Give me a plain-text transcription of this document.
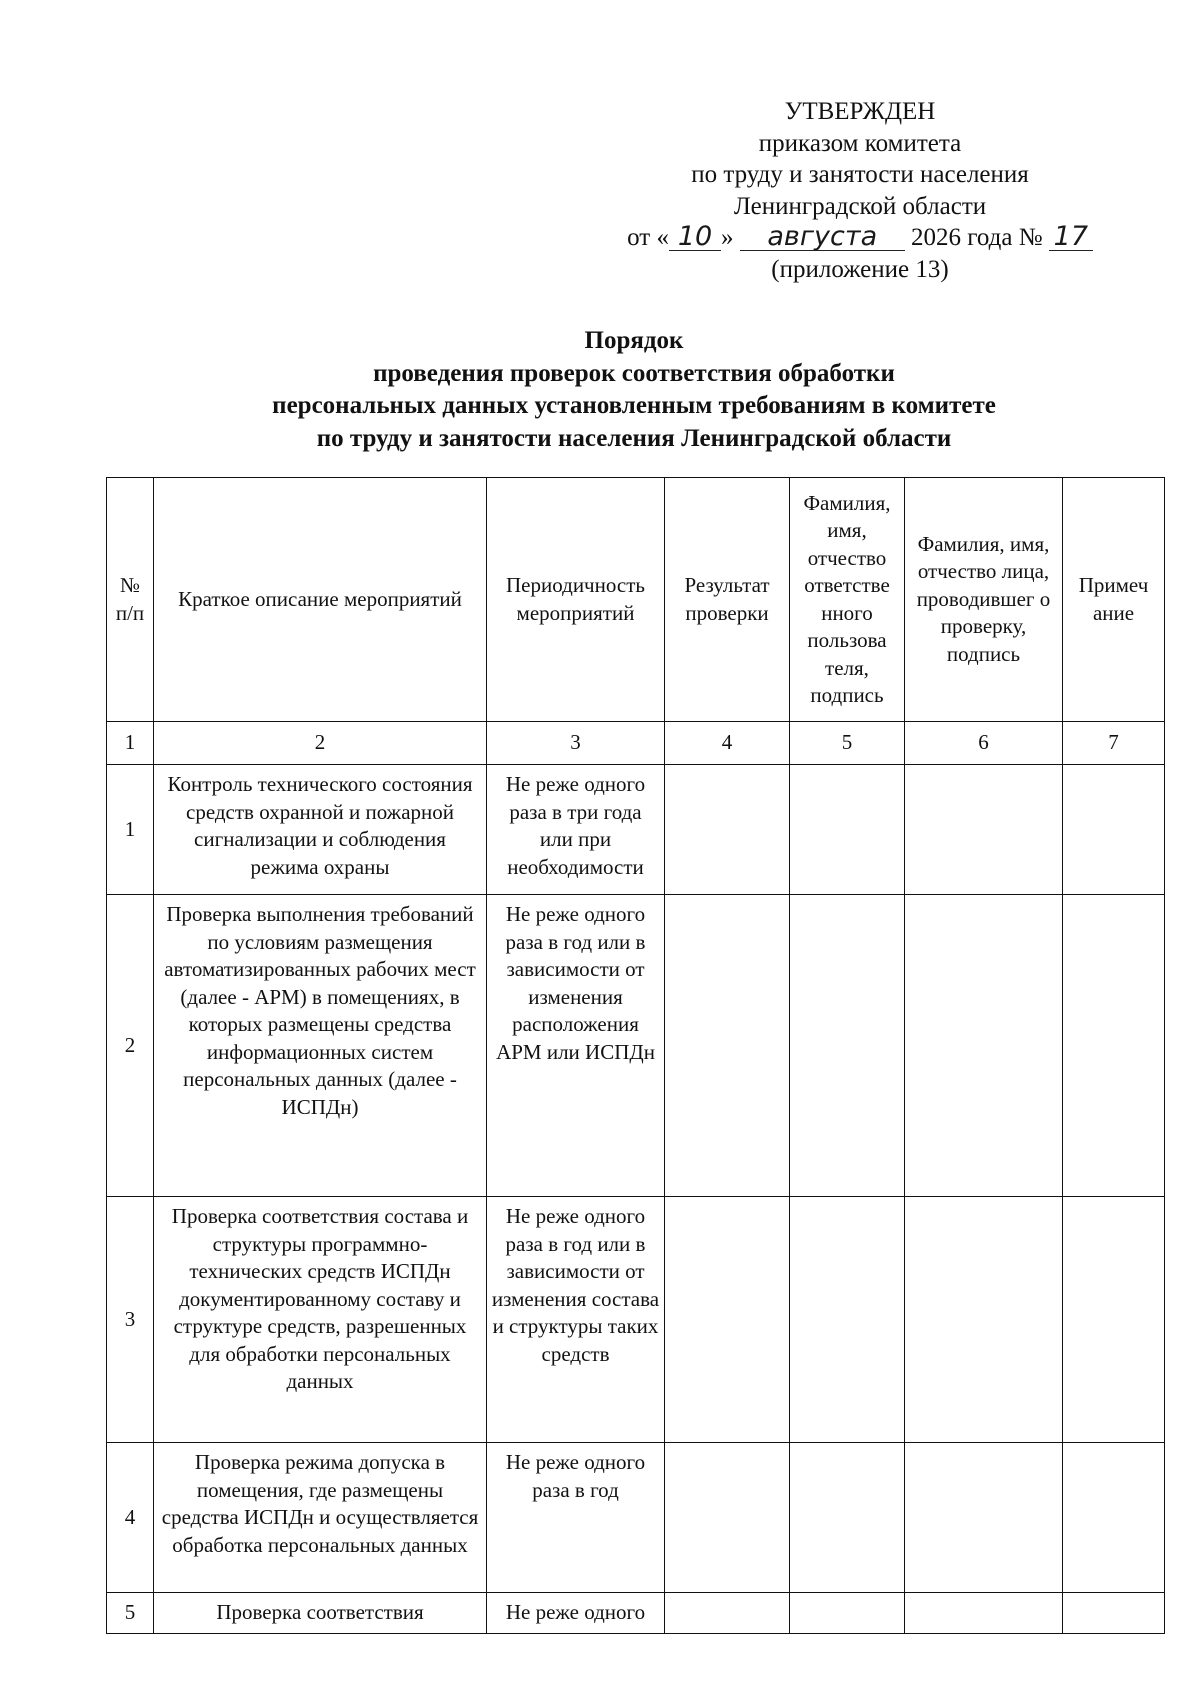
УТВЕРЖДЕН
приказом комитета
по труду и занятости населения
Ленинградской области
от « 10 » августа 2026 года № 17
(приложение 13)
Порядок
проведения проверок соответствия обработки
персональных данных установленным требованиям в комитете
по труду и занятости населения Ленинградской области
№ п/п	Краткое описание мероприятий	Периодичность мероприятий	Результат проверки	Фамилия, имя, отчество ответстве нного пользова теля, подпись	Фамилия, имя, отчество лица, проводившег о проверку, подпись	Примеч ание
1	2	3	4	5	6	7
1	Контроль технического состояния средств охранной и пожарной сигнализации и соблюдения режима охраны	Не реже одного раза в три года или при необходимости				
2	Проверка выполнения требований по условиям размещения автоматизированных рабочих мест (далее - АРМ) в помещениях, в которых размещены средства информационных систем персональных данных (далее - ИСПДн)	Не реже одного раза в год или в зависимости от изменения расположения АРМ или ИСПДн				
3	Проверка соответствия состава и структуры программно-технических средств ИСПДн документированному составу и структуре средств, разрешенных для обработки персональных данных	Не реже одного раза в год или в зависимости от изменения состава и структуры таких средств				
4	Проверка режима допуска в помещения, где размещены средства ИСПДн и осуществляется обработка персональных данных	Не реже одного раза в год				
5	Проверка соответствия	Не реже одного				
